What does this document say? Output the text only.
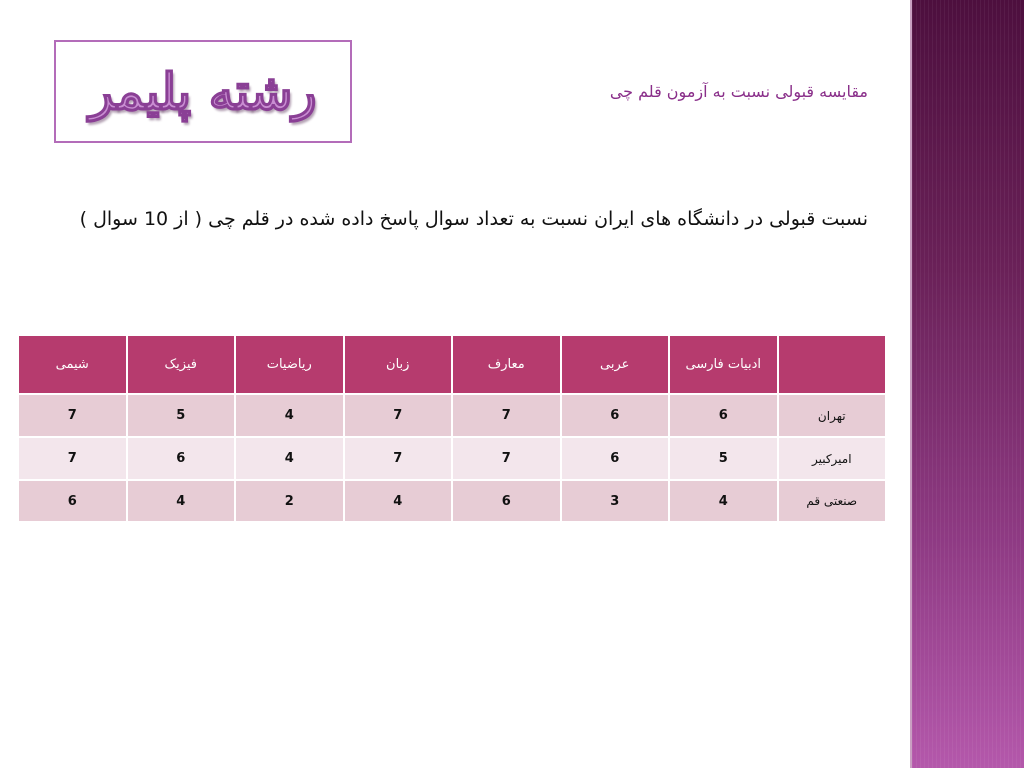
رشته پلیمر	مقایسه قبولی نسبت به آزمون قلم چی
نسبت قبولی در دانشگاه های ایران نسبت به تعداد سوال پاسخ داده شده در قلم چی ( از 10 سوال )
	ادبیات فارسی	عربی	معارف	زبان	ریاضیات	فیزیک	شیمی
تهران	6	6	7	7	4	5	7
امیرکبیر	5	6	7	7	4	6	7
صنعتی قم	4	3	6	4	2	4	6
